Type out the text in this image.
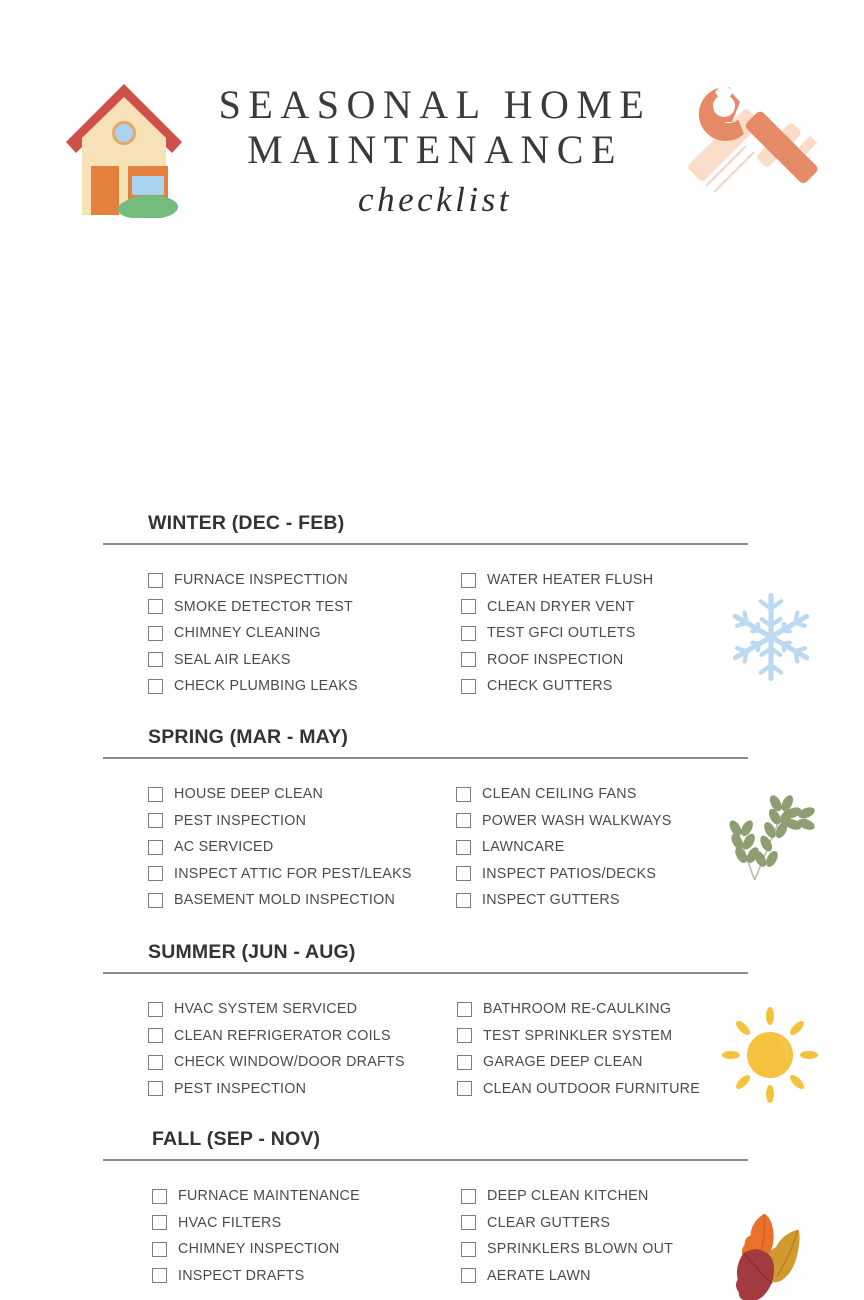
SEASONAL HOME
MAINTENANCE
checklist
WINTER (DEC - FEB)
FURNACE INSPECTTION
SMOKE DETECTOR TEST
CHIMNEY CLEANING
SEAL AIR LEAKS
CHECK PLUMBING LEAKS
WATER HEATER FLUSH
CLEAN DRYER VENT
TEST GFCI OUTLETS
ROOF INSPECTION
CHECK GUTTERS
SPRING (MAR - MAY)
HOUSE DEEP CLEAN
PEST INSPECTION
AC SERVICED
INSPECT ATTIC FOR PEST/LEAKS
BASEMENT MOLD INSPECTION
CLEAN CEILING FANS
POWER WASH WALKWAYS
LAWNCARE
INSPECT PATIOS/DECKS
INSPECT GUTTERS
SUMMER (JUN - AUG)
HVAC SYSTEM SERVICED
CLEAN REFRIGERATOR COILS
CHECK WINDOW/DOOR DRAFTS
PEST INSPECTION
BATHROOM RE-CAULKING
TEST SPRINKLER SYSTEM
GARAGE DEEP CLEAN
CLEAN OUTDOOR FURNITURE
FALL (SEP - NOV)
FURNACE MAINTENANCE
HVAC FILTERS
CHIMNEY INSPECTION
INSPECT DRAFTS
DEEP CLEAN KITCHEN
CLEAR GUTTERS
SPRINKLERS BLOWN OUT
AERATE LAWN
